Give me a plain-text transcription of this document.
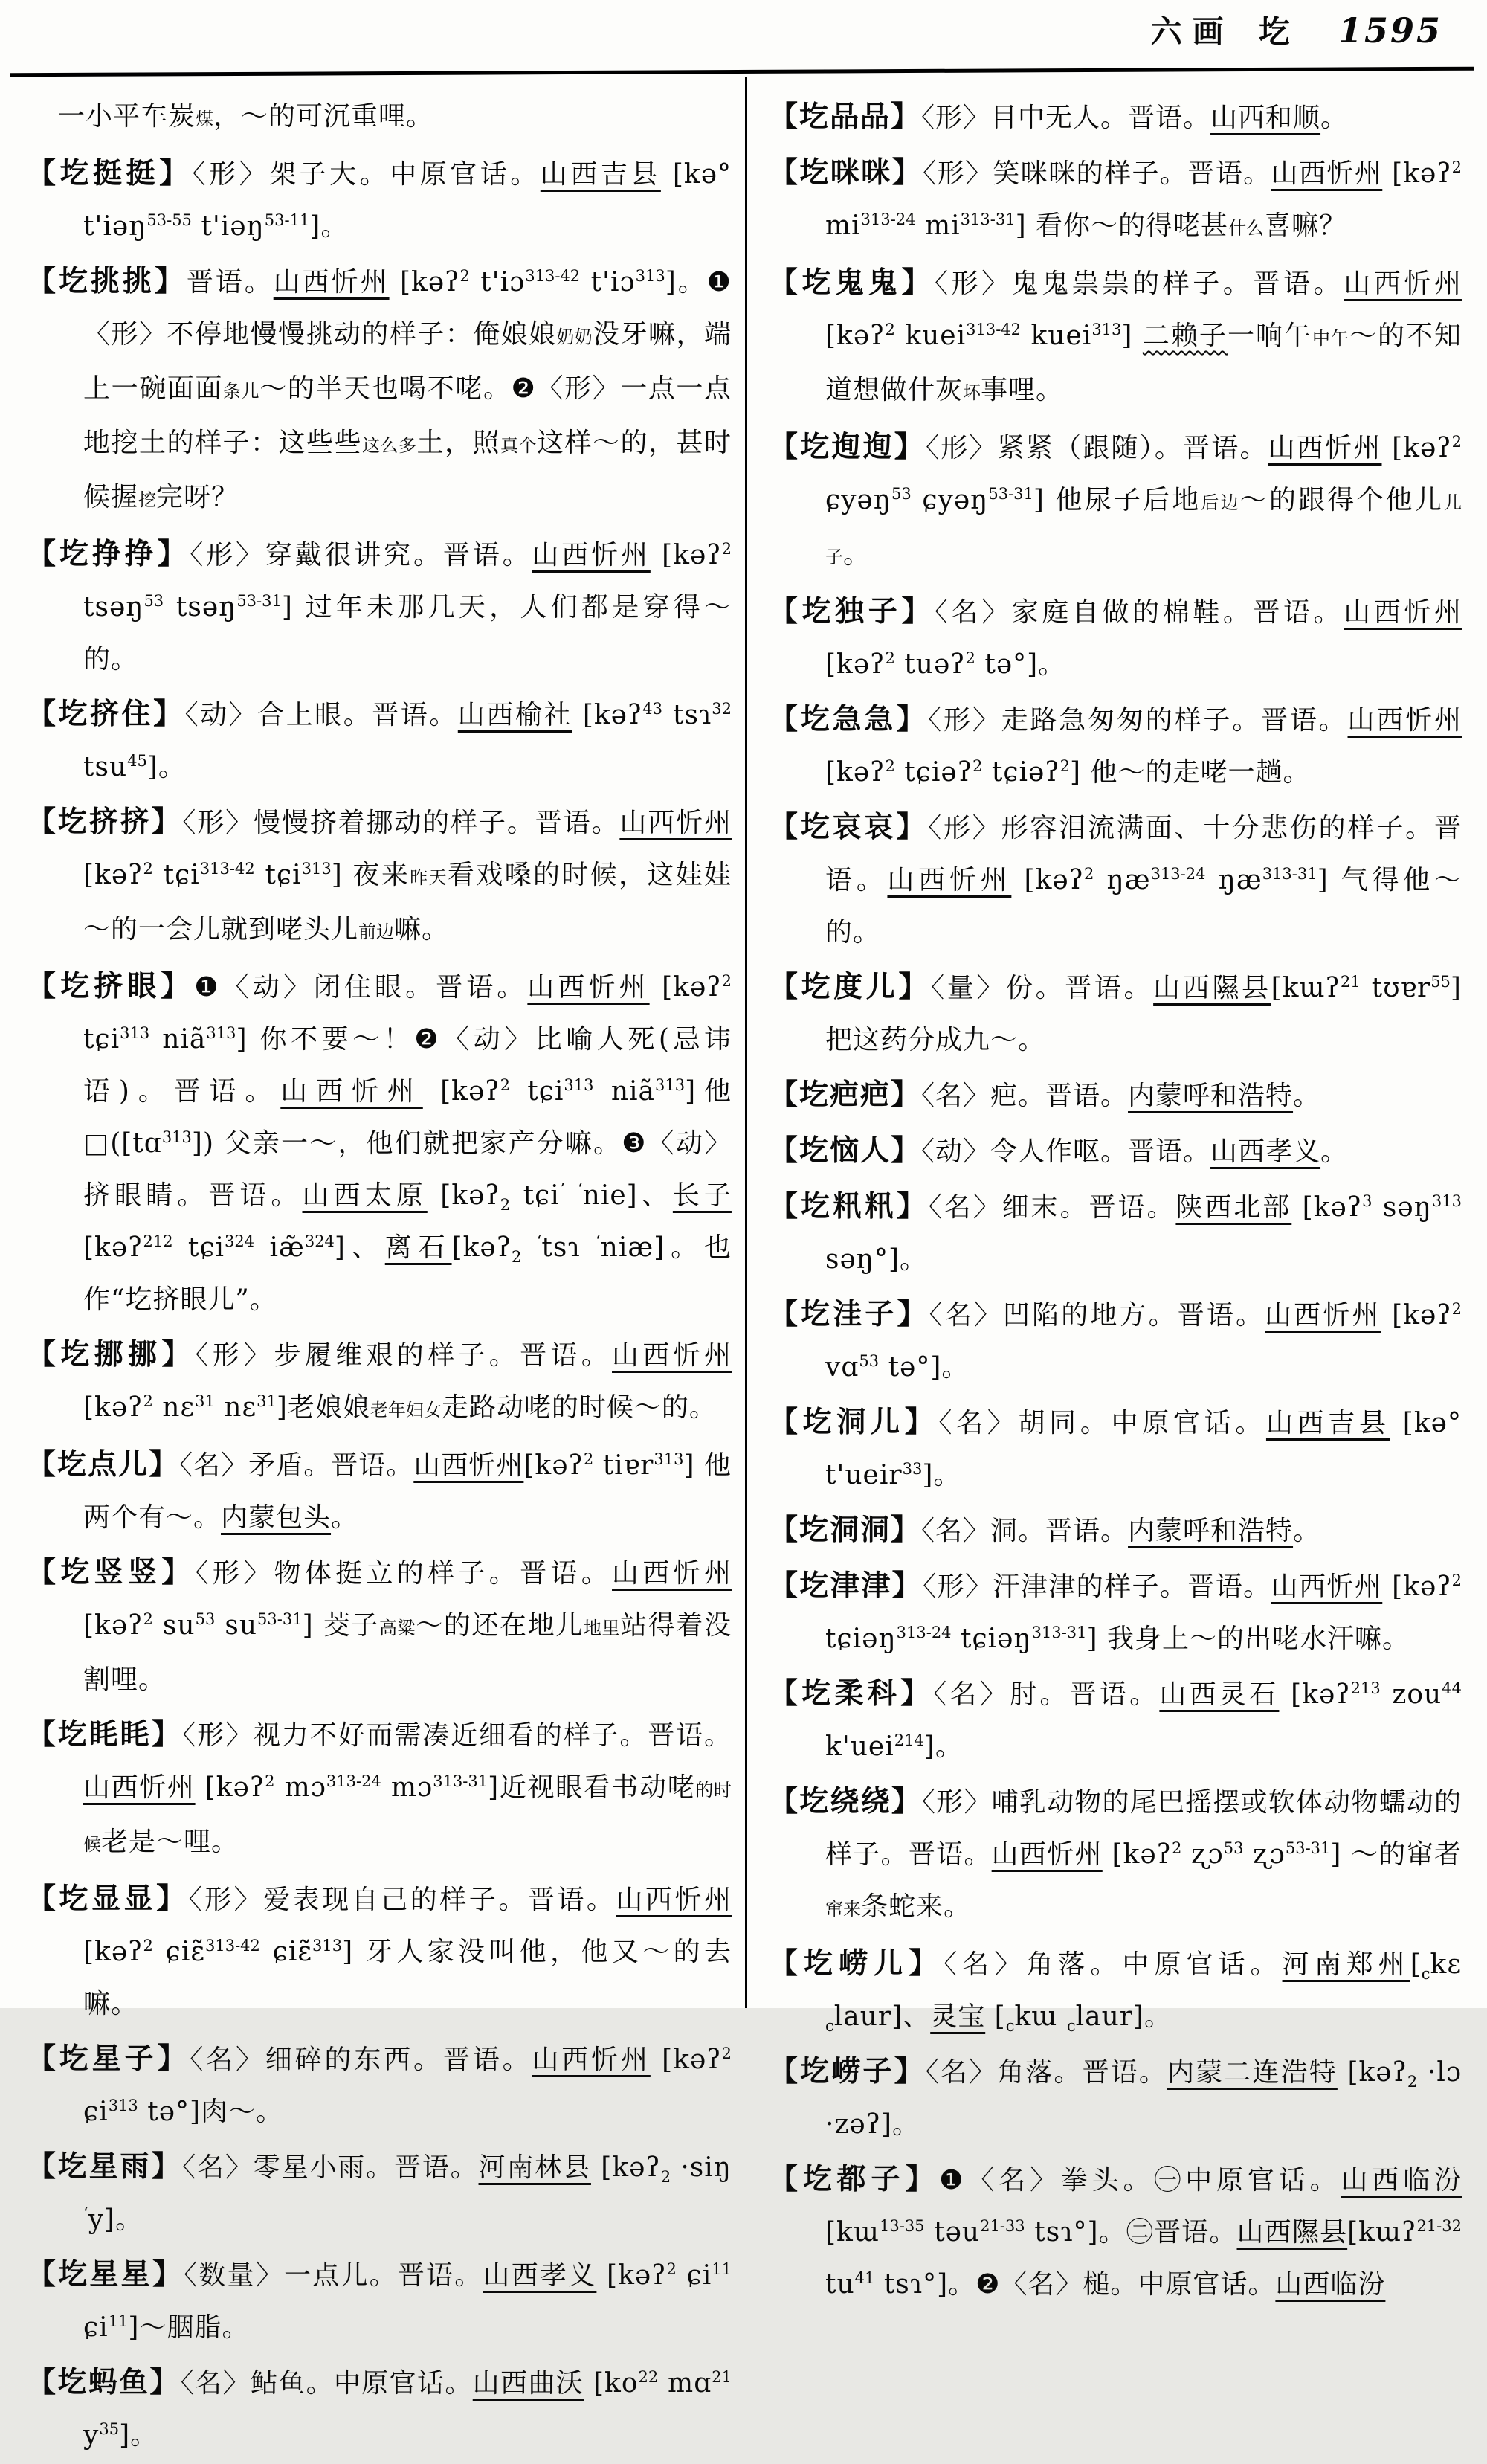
六画 圪 1595

一小平车炭煤，～的可沉重哩。

【圪挺挺】〈形〉架子大。中原官话。山西吉县 [kə° t'iəŋ$^{53-55}$ t'iəŋ$^{53-11}$]。

【圪挑挑】晋语。山西忻州 [kəʔ$^2$ t'iɔ$^{313-42}$ t'iɔ$^{313}$]。❶〈形〉不停地慢慢挑动的样子：俺娘娘奶奶没牙嘛，端上一碗面面条儿～的半天也喝不咾。❷〈形〉一点一点地挖土的样子：这些些这么多土，照真个这样～的，甚时候握挖完呀？

【圪挣挣】〈形〉穿戴很讲究。晋语。山西忻州 [kəʔ$^2$ tsəŋ$^{53}$ tsəŋ$^{53-31}$] 过年未那几天，人们都是穿得～的。

【圪挤住】〈动〉合上眼。晋语。山西榆社 [kəʔ$^{43}$ tsɿ$^{32}$ tsu$^{45}$]。

【圪挤挤】〈形〉慢慢挤着挪动的样子。晋语。山西忻州 [kəʔ$^2$ tɕi$^{313-42}$ tɕi$^{313}$] 夜来昨天看戏嗓的时候，这娃娃～的一会儿就到咾头儿前边嘛。

【圪挤眼】❶〈动〉闭住眼。晋语。山西忻州 [kəʔ$^2$ tɕi$^{313}$ niã$^{313}$] 你不要～！❷〈动〉比喻人死(忌讳语)。晋语。山西忻州 [kəʔ$^2$ tɕi$^{313}$ niã$^{313}$]他□([tɑ$^{313}$]) 父亲一～，他们就把家产分嘛。❸〈动〉挤眼睛。晋语。山西太原 [kəʔ$_2$ tɕi$^ʼ$ $^ʻ$nie]、长子 [kəʔ$^{212}$ tɕi$^{324}$ iæ̃$^{324}$]、离石[kəʔ$_2$ $^ʻ$tsɿ $^ʻ$niæ]。也作“圪挤眼儿”。

【圪挪挪】〈形〉步履维艰的样子。晋语。山西忻州 [kəʔ$^2$ nɛ$^{31}$ nɛ$^{31}$]老娘娘老年妇女走路动咾的时候～的。

【圪点儿】〈名〉矛盾。晋语。山西忻州[kəʔ$^2$ tiɐr$^{313}$] 他两个有～。内蒙包头。

【圪竖竖】〈形〉物体挺立的样子。晋语。山西忻州 [kəʔ$^2$ $su^{53}$ $su^{53-31}$] 茭子高粱～的还在地儿地里站得着没割哩。

【圪眊眊】〈形〉视力不好而需凑近细看的样子。晋语。山西忻州 [kəʔ$^2$ mɔ$^{313-24}$ mɔ$^{313-31}$]近视眼看书动咾的时候老是～哩。

【圪显显】〈形〉爱表现自己的样子。晋语。山西忻州 [kəʔ$^2$ ɕiɛ̃$^{313-42}$ ɕiɛ̃$^{313}$] 牙人家没叫他，他又～的去嘛。

【圪星子】〈名〉细碎的东西。晋语。山西忻州 [kəʔ$^2$ ɕi$^{313}$ tə°]肉～。

【圪星雨】〈名〉零星小雨。晋语。河南林县 [kəʔ$_2$ ·siŋ $^ʻ$y]。

【圪星星】〈数量〉一点儿。晋语。山西孝义 [kəʔ$^2$ ɕi$^{11}$ ɕi$^{11}$]～胭脂。

【圪蚂鱼】〈名〉鲇鱼。中原官话。山西曲沃 [$ko^{22}$ mɑ$^{21}$ $y^{35}$]。

【圪品品】〈形〉目中无人。晋语。山西和顺。

【圪咪咪】〈形〉笑咪咪的样子。晋语。山西忻州 [kəʔ$^2$ $mi^{313-24}$ $mi^{313-31}$] 看你～的得咾甚什么喜嘛？

【圪鬼鬼】〈形〉鬼鬼祟祟的样子。晋语。山西忻州 [kəʔ$^2$ kuei$^{313-42}$ kuei$^{313}$] 二赖子一响午中午～的不知道想做什灰坏事哩。

【圪迿迿】〈形〉紧紧（跟随）。晋语。山西忻州 [kəʔ$^2$ ɕyəŋ$^{53}$ ɕyəŋ$^{53-31}$] 他尿子后地后边～的跟得个他儿儿子。

【圪独子】〈名〉家庭自做的棉鞋。晋语。山西忻州 [kəʔ$^2$ tuəʔ$^2$ tə°]。

【圪急急】〈形〉走路急匆匆的样子。晋语。山西忻州 [kəʔ$^2$ tɕiəʔ$^2$ tɕiəʔ$^2$] 他～的走咾一趟。

【圪哀哀】〈形〉形容泪流满面、十分悲伤的样子。晋语。山西忻州 [kəʔ$^2$ $ŋæ^{313-24}$ $ŋæ^{313-31}$] 气得他～的。

【圪度儿】〈量〉份。晋语。山西隰县[kɯʔ$^{21}$ tʊɐr$^{55}$] 把这药分成九～。

【圪疤疤】〈名〉疤。晋语。内蒙呼和浩特。

【圪恼人】〈动〉令人作呕。晋语。山西孝义。

【圪籸籸】〈名〉细末。晋语。陕西北部 [kəʔ$^3$ səŋ$^{313}$ səŋ°]。

【圪洼子】〈名〉凹陷的地方。晋语。山西忻州 [kəʔ$^2$ vɑ$^{53}$ tə°]。

【圪洞儿】〈名〉胡同。中原官话。山西吉县 [kə° t'ueir$^{33}$]。

【圪洞洞】〈名〉洞。晋语。内蒙呼和浩特。

【圪津津】〈形〉汗津津的样子。晋语。山西忻州 [kəʔ$^2$ tɕiəŋ$^{313-24}$ tɕiəŋ$^{313-31}$] 我身上～的出咾水汗嘛。

【圪柔科】〈名〉肘。晋语。山西灵石 [kəʔ$^{213}$ zou$^{44}$ k'uei$^{214}$]。

【圪绕绕】〈形〉哺乳动物的尾巴摇摆或软体动物蠕动的样子。晋语。山西忻州 [kəʔ$^2$ ʐɔ$^{53}$ ʐɔ$^{53-31}$] ～的窜者窜来条蛇来。

【圪崂儿】〈名〉角落。中原官话。河南郑州[$_ckɛ$ $_c$laur]、灵宝 [$_ckɯ$ $_c$laur]。

【圪崂子】〈名〉角落。晋语。内蒙二连浩特 [kəʔ$_2$ ·lɔ ·zəʔ]。

【圪都子】❶〈名〉拳头。㊀中原官话。山西临汾 [kɯ$^{13-35}$ təu$^{21-33}$ tsɿ°]。㊁晋语。山西隰县[kɯʔ$^{21-32}$ $tu^{41}$ tsɿ°]。❷〈名〉槌。中原官话。山西临汾
